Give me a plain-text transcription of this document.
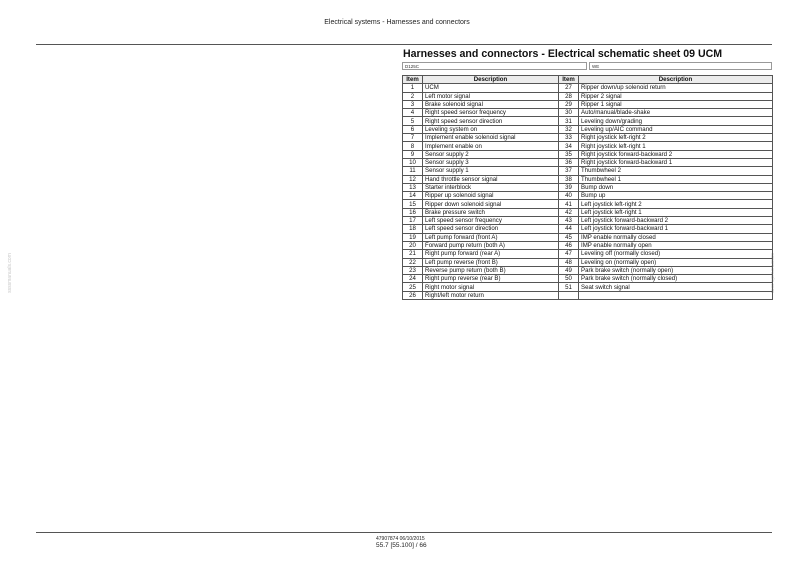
Electrical systems - Harnesses and connectors
ssssmanuals.com	ssssmanuals.com
Harnesses and connectors - Electrical schematic sheet 09 UCM
D125C	WE
Item	Description	Item	Description
1	UCM	27	Ripper down/up solenoid return
2	Left motor signal	28	Ripper 2 signal
3	Brake solenoid signal	29	Ripper 1 signal
4	Right speed sensor frequency	30	Auto/manual/blade-shake
5	Right speed sensor direction	31	Leveling down/grading
6	Leveling system on	32	Leveling up/AIC command
7	Implement enable solenoid signal	33	Right joystick left-right 2
8	Implement enable on	34	Right joystick left-right 1
9	Sensor supply 2	35	Right joystick forward-backward 2
10	Sensor supply 3	36	Right joystick forward-backward 1
11	Sensor supply 1	37	Thumbwheel 2
12	Hand throttle sensor signal	38	Thumbwheel 1
13	Starter interblock	39	Bump down
14	Ripper up solenoid signal	40	Bump up
15	Ripper down solenoid signal	41	Left joystick left-right 2
16	Brake pressure switch	42	Left joystick left-right 1
17	Left speed sensor frequency	43	Left joystick forward-backward 2
18	Left speed sensor direction	44	Left joystick forward-backward 1
19	Left pump forward (front A)	45	IMP enable normally closed
20	Forward pump return (both A)	46	IMP enable normally open
21	Right pump forward (rear A)	47	Leveling off (normally closed)
22	Left pump reverse (front B)	48	Leveling on (normally open)
23	Reverse pump return (both B)	49	Park brake switch (normally open)
24	Right pump reverse (rear B)	50	Park brake switch (normally closed)
25	Right motor signal	51	Seat switch signal
26	Right/left motor return		
47907874 06/10/2015
55.7 [55.100] / 66
